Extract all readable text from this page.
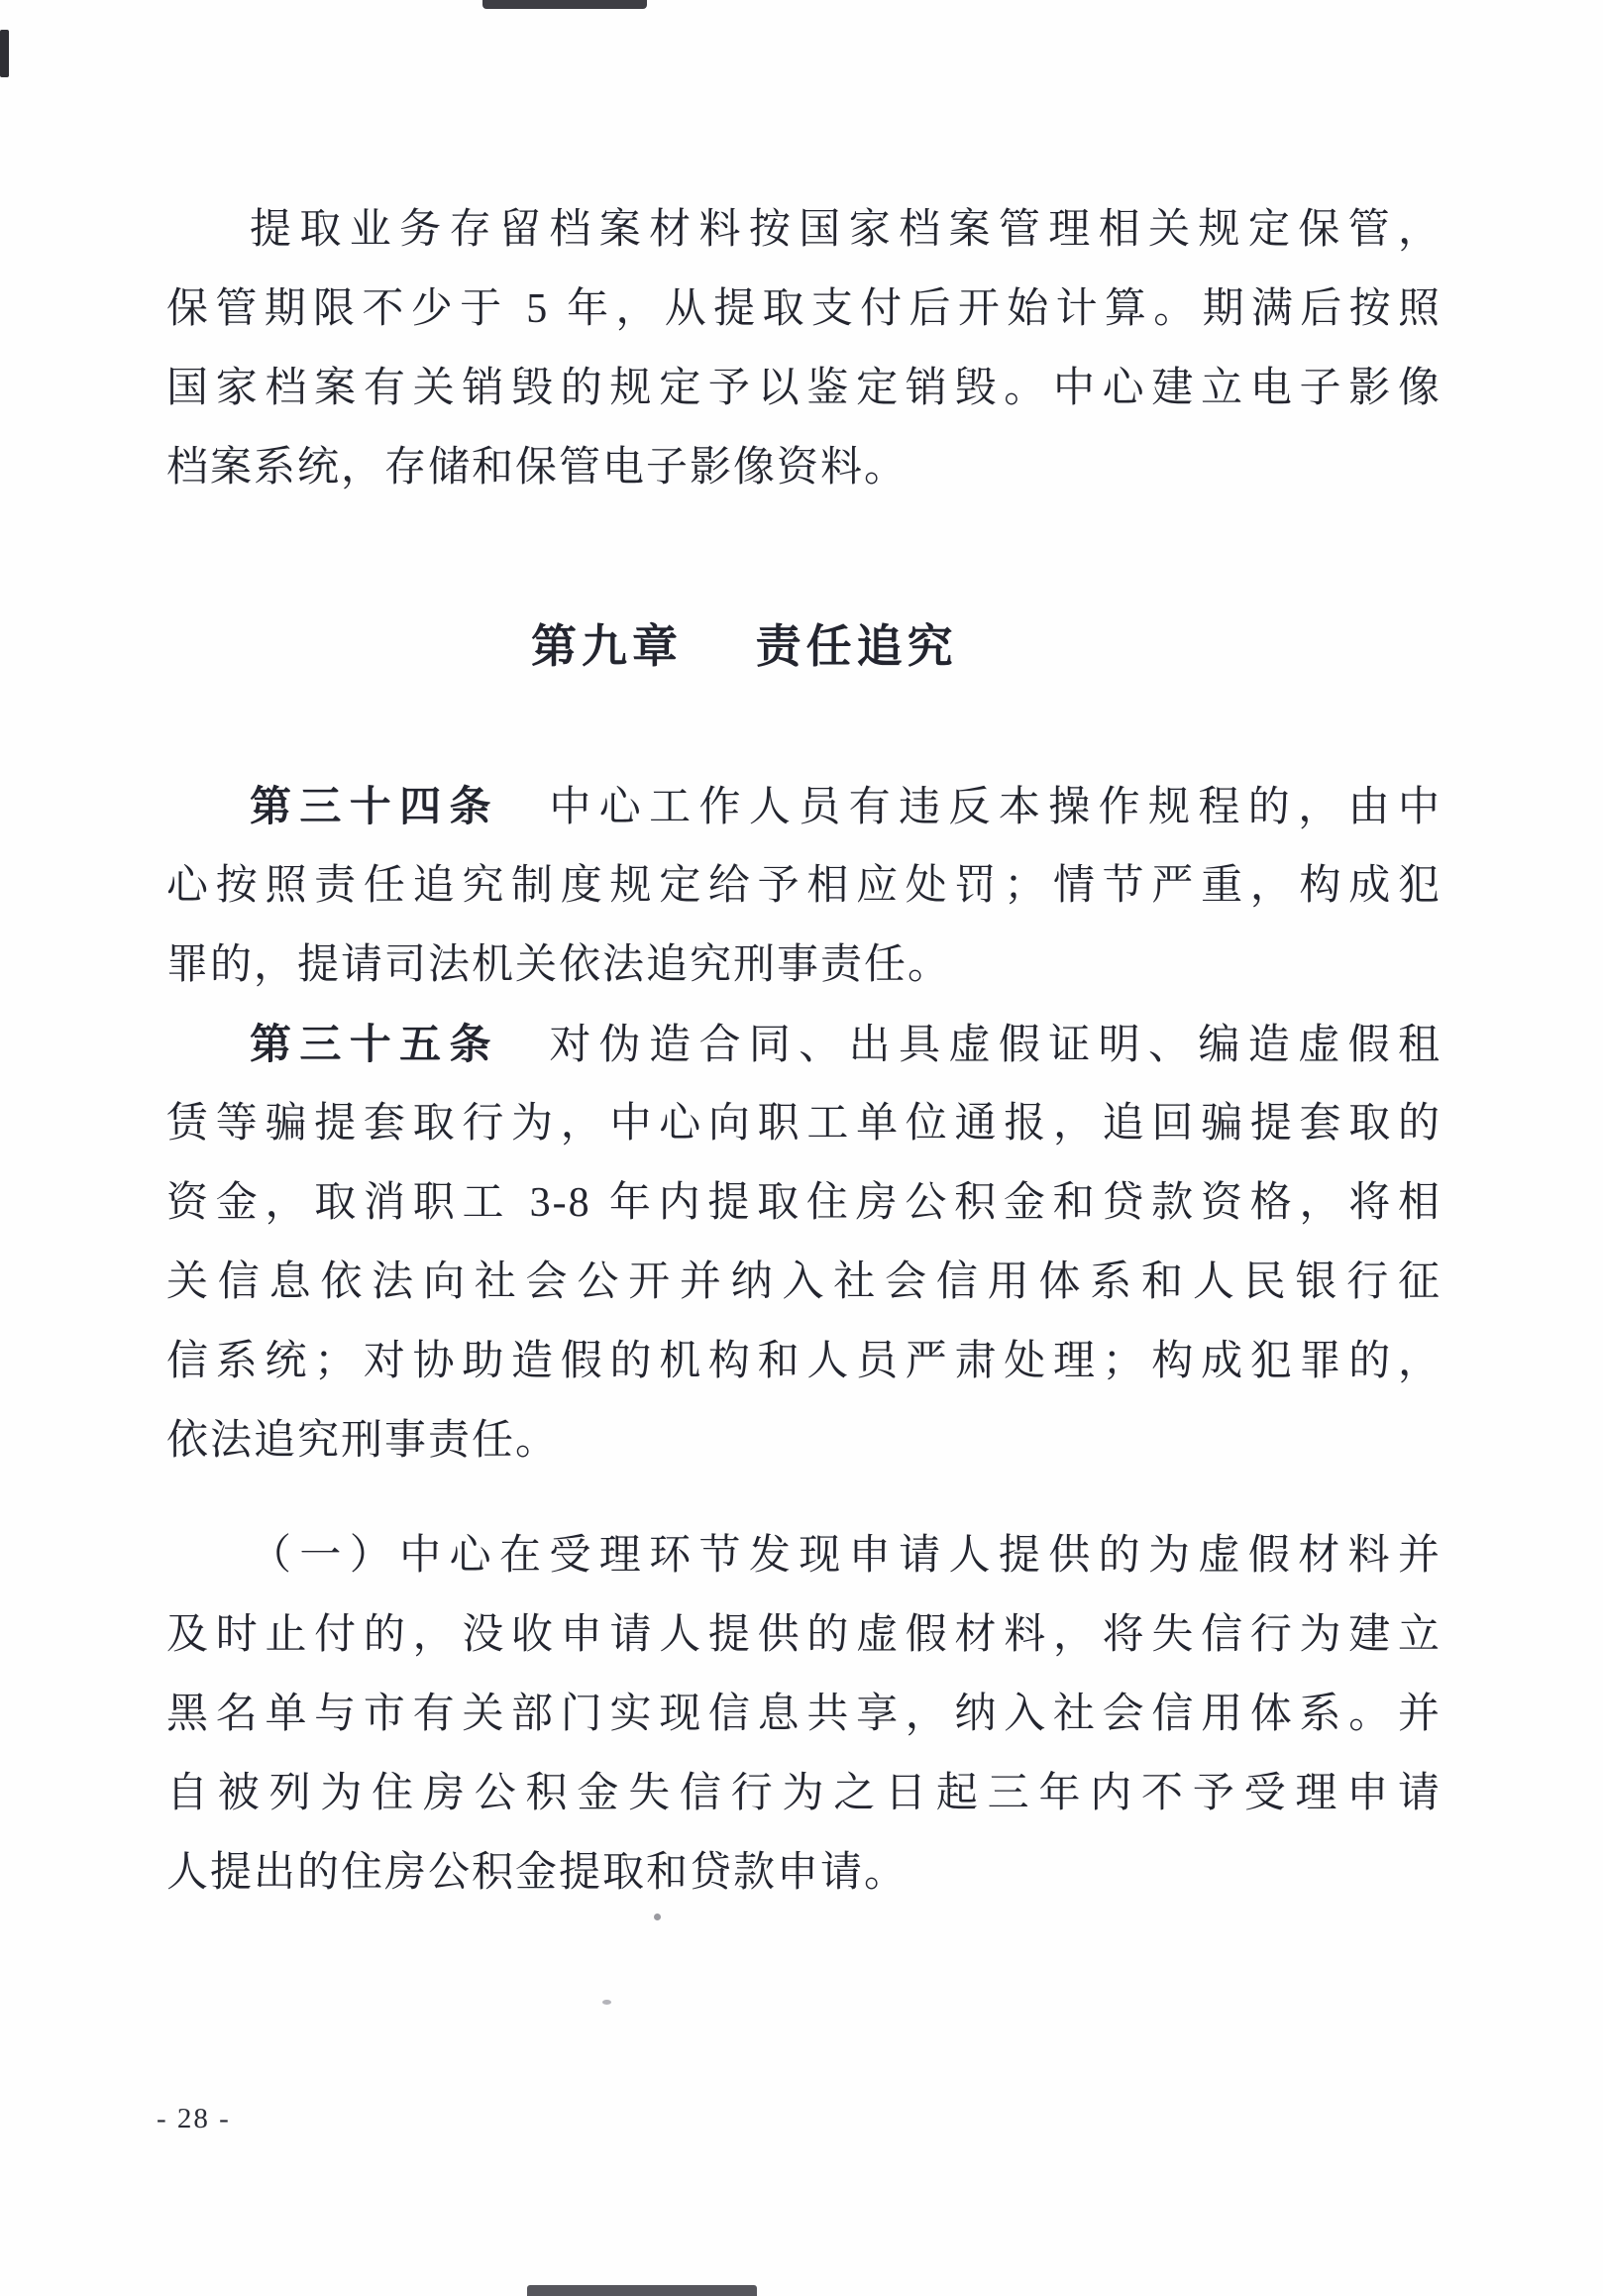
提取业务存留档案材料按国家档案管理相关规定保管，
保管期限不少于 5 年，从提取支付后开始计算。期满后按照
国家档案有关销毁的规定予以鉴定销毁。中心建立电子影像
档案系统，存储和保管电子影像资料。
第九章 责任追究
第三十四条　中心工作人员有违反本操作规程的，由中
心按照责任追究制度规定给予相应处罚；情节严重，构成犯
罪的，提请司法机关依法追究刑事责任。
第三十五条　对伪造合同、出具虚假证明、编造虚假租
赁等骗提套取行为，中心向职工单位通报，追回骗提套取的
资金，取消职工 3-8 年内提取住房公积金和贷款资格，将相
关信息依法向社会公开并纳入社会信用体系和人民银行征
信系统；对协助造假的机构和人员严肃处理；构成犯罪的，
依法追究刑事责任。
（一）中心在受理环节发现申请人提供的为虚假材料并
及时止付的，没收申请人提供的虚假材料，将失信行为建立
黑名单与市有关部门实现信息共享，纳入社会信用体系。并
自被列为住房公积金失信行为之日起三年内不予受理申请
人提出的住房公积金提取和贷款申请。
- 28 -
